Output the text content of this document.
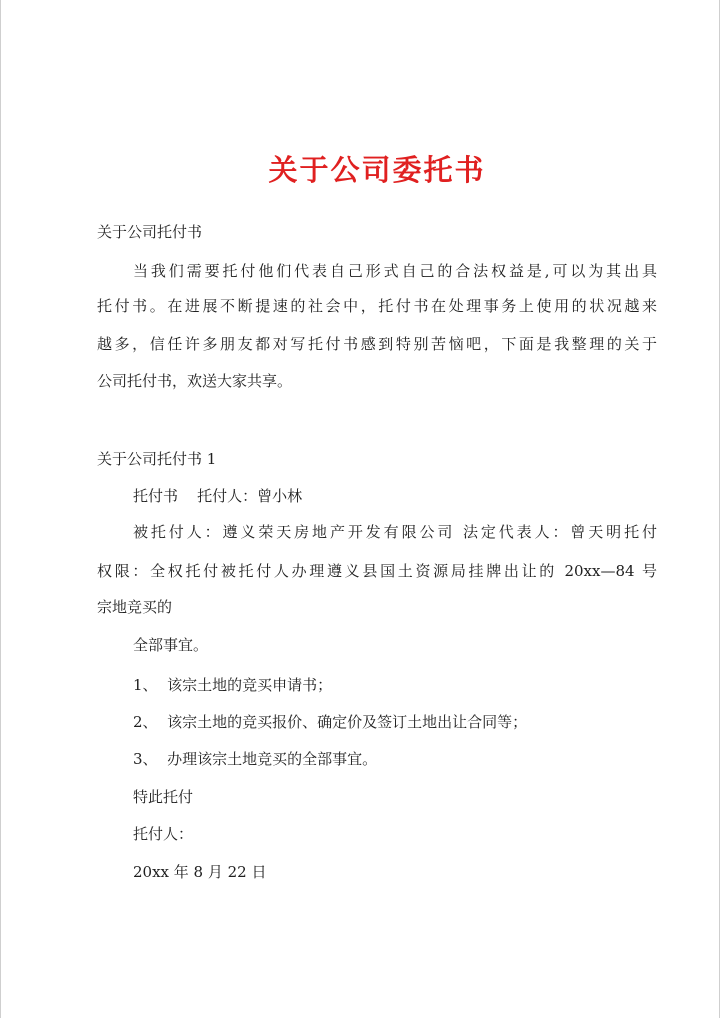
关于公司委托书
关于公司托付书
当我们需要托付他们代表自己形式自己的合法权益是,可以为其出具
托付书。在进展不断提速的社会中，托付书在处理事务上使用的状况越来
越多，信任许多朋友都对写托付书感到特别苦恼吧，下面是我整理的关于
公司托付书，欢送大家共享。
关于公司托付书 1
托付书    托付人：曾小林
被托付人：遵义荣天房地产开发有限公司 法定代表人：曾天明托付
权限：全权托付被托付人办理遵义县国土资源局挂牌出让的 20xx—84 号
宗地竞买的
全部事宜。
1、  该宗土地的竞买申请书；
2、  该宗土地的竞买报价、确定价及签订土地出让合同等；
3、  办理该宗土地竞买的全部事宜。
特此托付
托付人：
20xx 年 8 月 22 日
